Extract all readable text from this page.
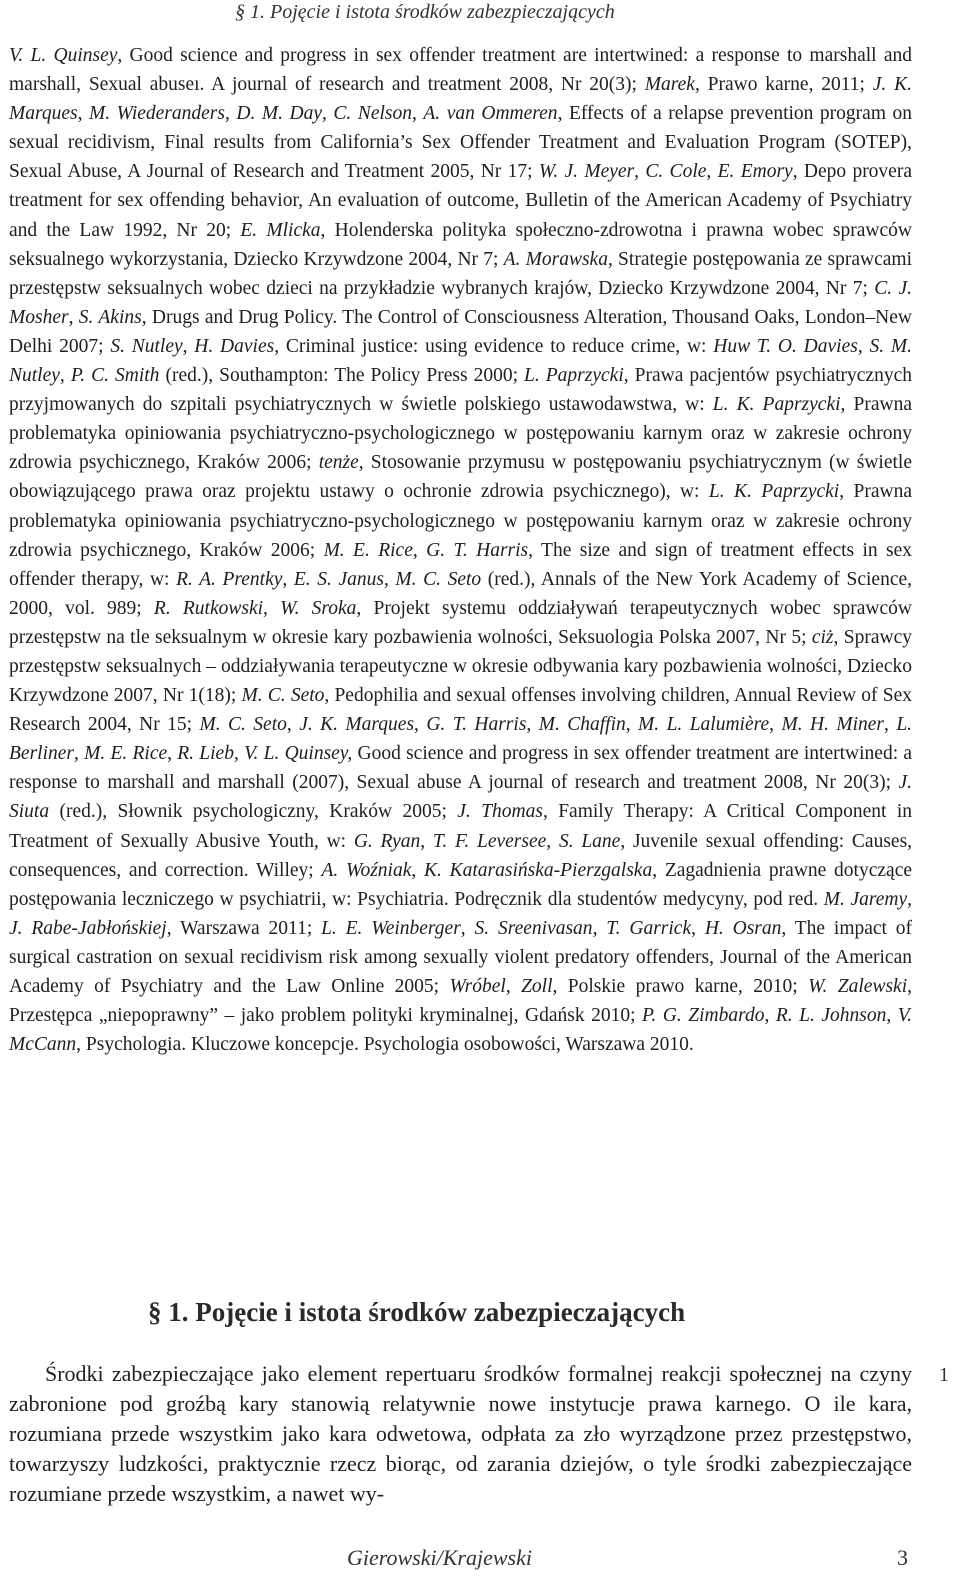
§ 1. Pojęcie i istota środków zabezpieczających
V. L. Quinsey, Good science and progress in sex offender treatment are intertwined: a response to marshall and marshall, Sexual abuseı. A journal of research and treatment 2008, Nr 20(3); Marek, Prawo karne, 2011; J. K. Marques, M. Wiederanders, D. M. Day, C. Nelson, A. van Ommeren, Effects of a relapse prevention program on sexual recidivism, Final results from California’s Sex Offender Treatment and Evaluation Program (SOTEP), Sexual Abuse, A Journal of Research and Treatment 2005, Nr 17; W. J. Meyer, C. Cole, E. Emory, Depo provera treatment for sex offending behavior, An evaluation of outcome, Bulletin of the American Academy of Psychiatry and the Law 1992, Nr 20; E. Mlicka, Holenderska polityka społeczno-zdrowotna i prawna wobec sprawców seksualnego wykorzystania, Dziecko Krzywdzone 2004, Nr 7; A. Morawska, Strategie postępowania ze sprawcami przestępstw seksualnych wobec dzieci na przykładzie wybranych krajów, Dziecko Krzywdzone 2004, Nr 7; C. J. Mosher, S. Akins, Drugs and Drug Policy. The Control of Consciousness Alteration, Thousand Oaks, London–New Delhi 2007; S. Nutley, H. Davies, Criminal justice: using evidence to reduce crime, w: Huw T. O. Davies, S. M. Nutley, P. C. Smith (red.), Southampton: The Policy Press 2000; L. Paprzycki, Prawa pacjentów psychiatrycznych przyjmowanych do szpitali psychiatrycznych w świetle polskiego ustawodawstwa, w: L. K. Paprzycki, Prawna problematyka opiniowania psychiatryczno-psychologicznego w postępowaniu karnym oraz w zakresie ochrony zdrowia psychicznego, Kraków 2006; tenże, Stosowanie przymusu w postępowaniu psychiatrycznym (w świetle obowiązującego prawa oraz projektu ustawy o ochronie zdrowia psychicznego), w: L. K. Paprzycki, Prawna problematyka opiniowania psychiatryczno-psychologicznego w postępowaniu karnym oraz w zakresie ochrony zdrowia psychicznego, Kraków 2006; M. E. Rice, G. T. Harris, The size and sign of treatment effects in sex offender therapy, w: R. A. Prentky, E. S. Janus, M. C. Seto (red.), Annals of the New York Academy of Science, 2000, vol. 989; R. Rutkowski, W. Sroka, Projekt systemu oddziaływań terapeutycznych wobec sprawców przestępstw na tle seksualnym w okresie kary pozbawienia wolności, Seksuologia Polska 2007, Nr 5; ciż, Sprawcy przestępstw seksualnych – oddziaływania terapeutyczne w okresie odbywania kary pozbawienia wolności, Dziecko Krzywdzone 2007, Nr 1(18); M. C. Seto, Pedophilia and sexual offenses involving children, Annual Review of Sex Research 2004, Nr 15; M. C. Seto, J. K. Marques, G. T. Harris, M. Chaffin, M. L. Lalumière, M. H. Miner, L. Berliner, M. E. Rice, R. Lieb, V. L. Quinsey, Good science and progress in sex offender treatment are intertwined: a response to marshall and marshall (2007), Sexual abuse A journal of research and treatment 2008, Nr 20(3); J. Siuta (red.), Słownik psychologiczny, Kraków 2005; J. Thomas, Family Therapy: A Critical Component in Treatment of Sexually Abusive Youth, w: G. Ryan, T. F. Leversee, S. Lane, Juvenile sexual offending: Causes, consequences, and correction. Willey; A. Woźniak, K. Katarasińska-Pierzgalska, Zagadnienia prawne dotyczące postępowania leczniczego w psychiatrii, w: Psychiatria. Podręcznik dla studentów medycyny, pod red. M. Jaremy, J. Rabe-Jabłońskiej, Warszawa 2011; L. E. Weinberger, S. Sreenivasan, T. Garrick, H. Osran, The impact of surgical castration on sexual recidivism risk among sexually violent predatory offenders, Journal of the American Academy of Psychiatry and the Law Online 2005; Wróbel, Zoll, Polskie prawo karne, 2010; W. Zalewski, Przestępca „niepoprawny” – jako problem polityki kryminalnej, Gdańsk 2010; P. G. Zimbardo, R. L. Johnson, V. McCann, Psychologia. Kluczowe koncepcje. Psychologia osobowości, Warszawa 2010.
§ 1. Pojęcie i istota środków zabezpieczających
Środki zabezpieczające jako element repertuaru środków formalnej reakcji społecznej na czyny zabronione pod groźbą kary stanowią relatywnie nowe instytucje prawa karnego. O ile kara, rozumiana przede wszystkim jako kara odwetowa, odpłata za zło wyrządzone przez przestępstwo, towarzyszy ludzkości, praktycznie rzecz biorąc, od zarania dziejów, o tyle środki zabezpieczające rozumiane przede wszystkim, a nawet wy-
1
Gierowski/Krajewski	3
